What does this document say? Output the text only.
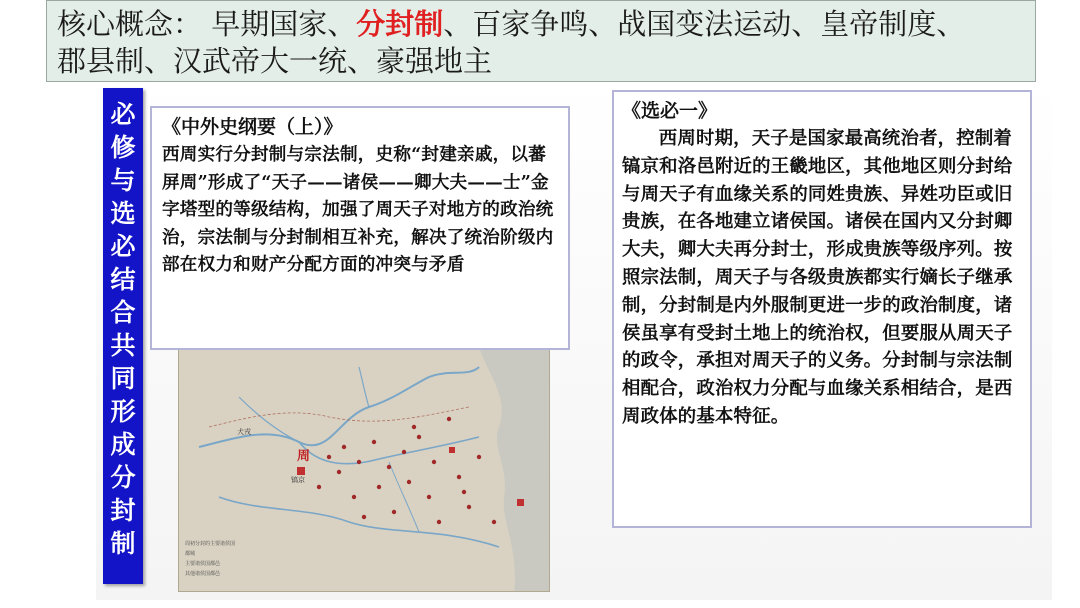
核心概念： 早期国家、分封制、百家争鸣、战国变法运动、皇帝制度、
郡县制、汉武帝大一统、豪强地主
必修与选必结合共同形成分封制
《中外史纲要（上）》
西周实行分封制与宗法制，史称“封建亲戚，以蕃屏周”形成了“天子——诸侯——卿大夫——士”金字塔型的等级结构，加强了周天子对地方的政治统治，宗法制与分封制相互补充，解决了统治阶级内部在权力和财产分配方面的冲突与矛盾
《选必一》
西周时期，天子是国家最高统治者，控制着镐京和洛邑附近的王畿地区，其他地区则分封给与周天子有血缘关系的同姓贵族、异姓功臣或旧贵族，在各地建立诸侯国。诸侯在国内又分封卿大夫，卿大夫再分封士，形成贵族等级序列。按照宗法制，周天子与各级贵族都实行嫡长子继承制，分封制是内外服制更进一步的政治制度，诸侯虽享有受封土地上的统治权，但要服从周天子的政令，承担对周天子的义务。分封制与宗法制相配合，政治权力分配与血缘关系相结合，是西周政体的基本特征。
周
镐京
犬戎
周初分封的主要诸侯国
都城
主要诸侯国都邑
其他诸侯国都邑
